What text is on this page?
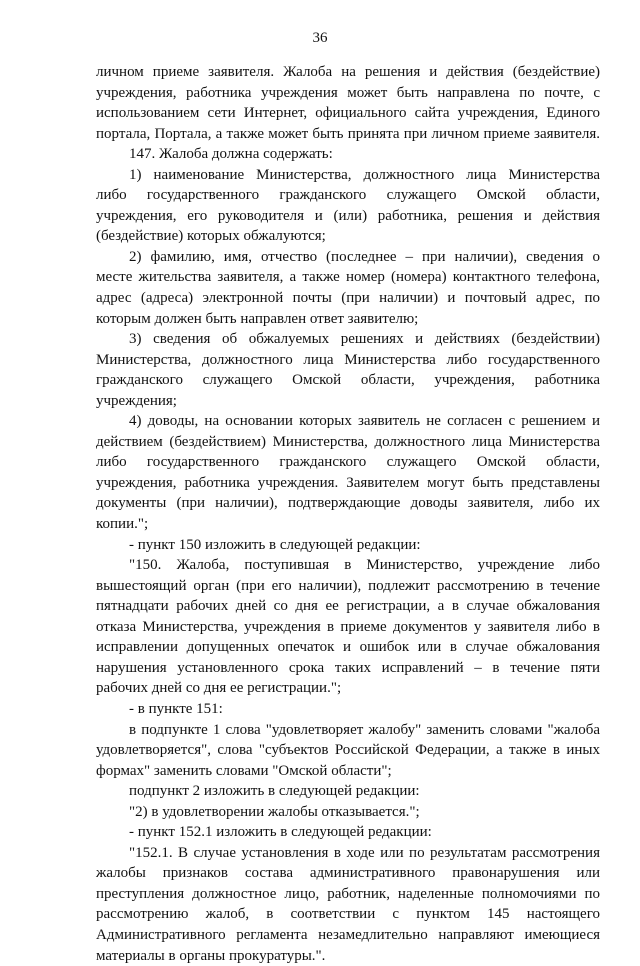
36
личном приеме заявителя. Жалоба на решения и действия (бездействие)
учреждения, работника учреждения может быть направлена по почте, с
использованием сети Интернет, официального сайта учреждения, Единого
портала, Портала, а также может быть принята при личном приеме заявителя.
147. Жалоба должна содержать:
1) наименование Министерства, должностного лица Министерства
либо государственного гражданского служащего Омской области,
учреждения, его руководителя и (или) работника, решения и действия
(бездействие) которых обжалуются;
2) фамилию, имя, отчество (последнее – при наличии), сведения о
месте жительства заявителя, а также номер (номера) контактного телефона,
адрес (адреса) электронной почты (при наличии) и почтовый адрес, по
которым должен быть направлен ответ заявителю;
3) сведения об обжалуемых решениях и действиях (бездействии)
Министерства, должностного лица Министерства либо государственного
гражданского служащего Омской области, учреждения, работника
учреждения;
4) доводы, на основании которых заявитель не согласен с решением и
действием (бездействием) Министерства, должностного лица Министерства
либо государственного гражданского служащего Омской области,
учреждения, работника учреждения. Заявителем могут быть представлены
документы (при наличии), подтверждающие доводы заявителя, либо их
копии.";
- пункт 150 изложить в следующей редакции:
"150. Жалоба, поступившая в Министерство, учреждение либо
вышестоящий орган (при его наличии), подлежит рассмотрению в течение
пятнадцати рабочих дней со дня ее регистрации, а в случае обжалования
отказа Министерства, учреждения в приеме документов у заявителя либо в
исправлении допущенных опечаток и ошибок или в случае обжалования
нарушения установленного срока таких исправлений – в течение пяти
рабочих дней со дня ее регистрации.";
- в пункте 151:
в подпункте 1 слова "удовлетворяет жалобу" заменить словами "жалоба
удовлетворяется", слова "субъектов Российской Федерации, а также в иных
формах" заменить словами "Омской области";
подпункт 2 изложить в следующей редакции:
"2) в удовлетворении жалобы отказывается.";
- пункт 152.1 изложить в следующей редакции:
"152.1. В случае установления в ходе или по результатам рассмотрения
жалобы признаков состава административного правонарушения или
преступления должностное лицо, работник, наделенные полномочиями по
рассмотрению жалоб, в соответствии с пунктом 145 настоящего
Административного регламента незамедлительно направляют имеющиеся
материалы в органы прокуратуры.".
